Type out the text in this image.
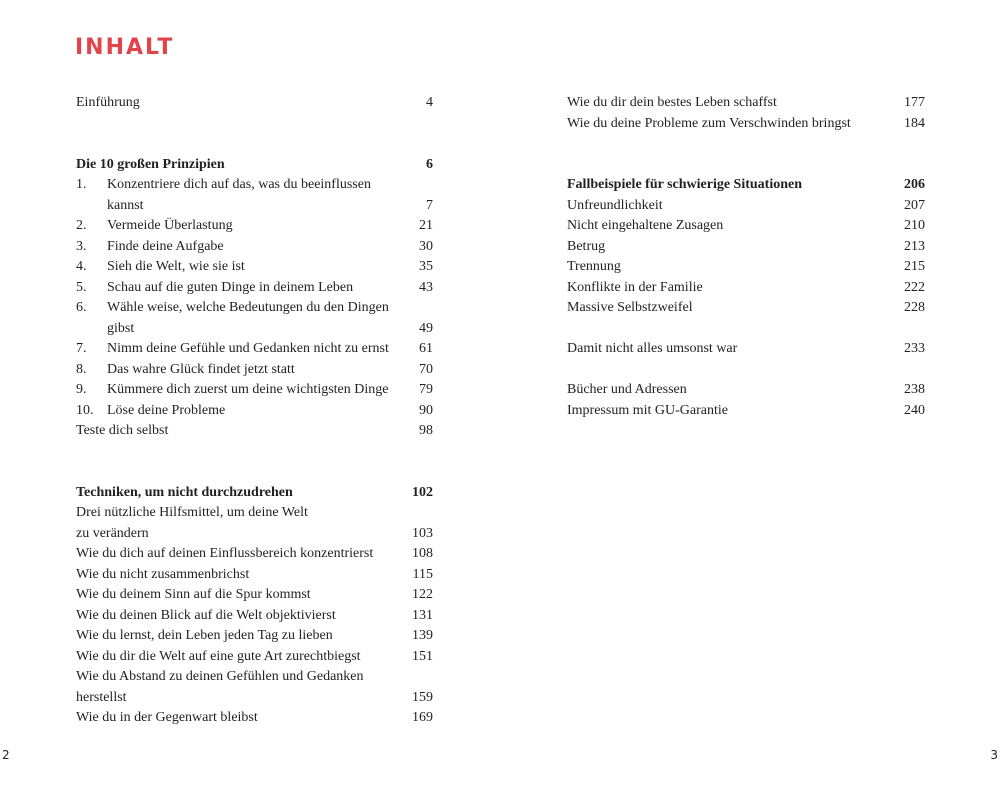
INHALT
Einführung	4
Die 10 großen Prinzipien	6
1. Konzentriere dich auf das, was du beeinflussen
kannst	7
2. Vermeide Überlastung	21
3. Finde deine Aufgabe	30
4. Sieh die Welt, wie sie ist	35
5. Schau auf die guten Dinge in deinem Leben	43
6. Wähle weise, welche Bedeutungen du den Dingen
gibst	49
7. Nimm deine Gefühle und Gedanken nicht zu ernst 61
8. Das wahre Glück findet jetzt statt	70
9. Kümmere dich zuerst um deine wichtigsten Dinge 79
10. Löse deine Probleme	90
Teste dich selbst	98
Techniken, um nicht durchzudrehen	102
Drei nützliche Hilfsmittel, um deine Welt
zu verändern	103
Wie du dich auf deinen Einflussbereich konzentrierst	108
Wie du nicht zusammenbrichst	115
Wie du deinem Sinn auf die Spur kommst	122
Wie du deinen Blick auf die Welt objektivierst	131
Wie du lernst, dein Leben jeden Tag zu lieben	139
Wie du dir die Welt auf eine gute Art zurechtbiegst	151
Wie du Abstand zu deinen Gefühlen und Gedanken
herstellst	159
Wie du in der Gegenwart bleibst	169
Wie du dir dein bestes Leben schaffst	177
Wie du deine Probleme zum Verschwinden bringst	184
Fallbeispiele für schwierige Situationen	206
Unfreundlichkeit	207
Nicht eingehaltene Zusagen	210
Betrug	213
Trennung	215
Konflikte in der Familie	222
Massive Selbstzweifel	228
Damit nicht alles umsonst war	233
Bücher und Adressen	238
Impressum mit GU-Garantie	240
2	3
